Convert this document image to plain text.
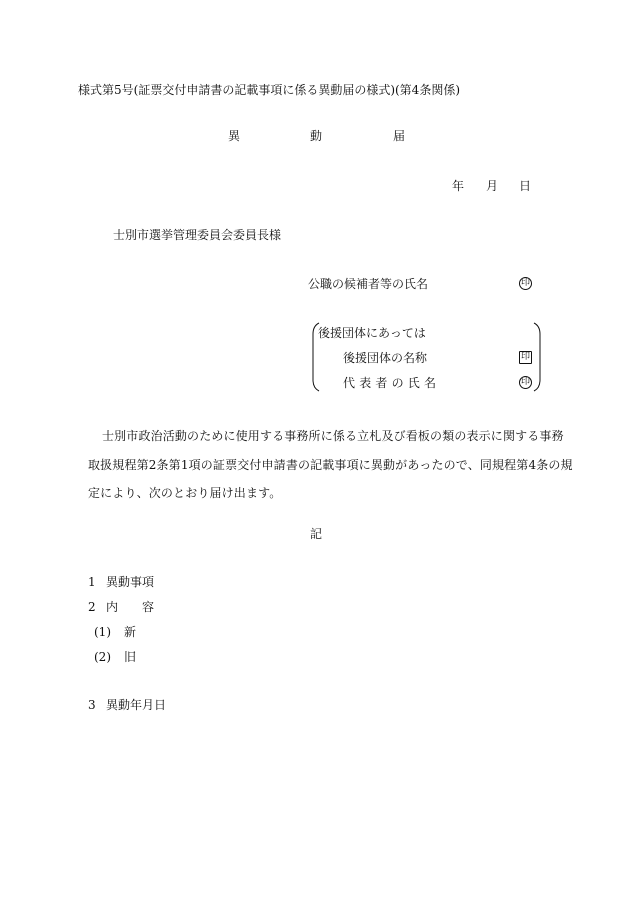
様式第5号(証票交付申請書の記載事項に係る異動届の様式)(第4条関係)
異	動	届
年 月 日
士別市選挙管理委員会委員長様
公職の候補者等の氏名	印
後援団体にあっては
後援団体の名称	印
代表者の氏名	印
士別市政治活動のために使用する事務所に係る立札及び看板の類の表示に関する事務
取扱規程第2条第1項の証票交付申請書の記載事項に異動があったので、同規程第4条の規
定により、次のとおり届け出ます。
記
1 異動事項
2 内　　容
(1) 新
(2) 旧
3 異動年月日
